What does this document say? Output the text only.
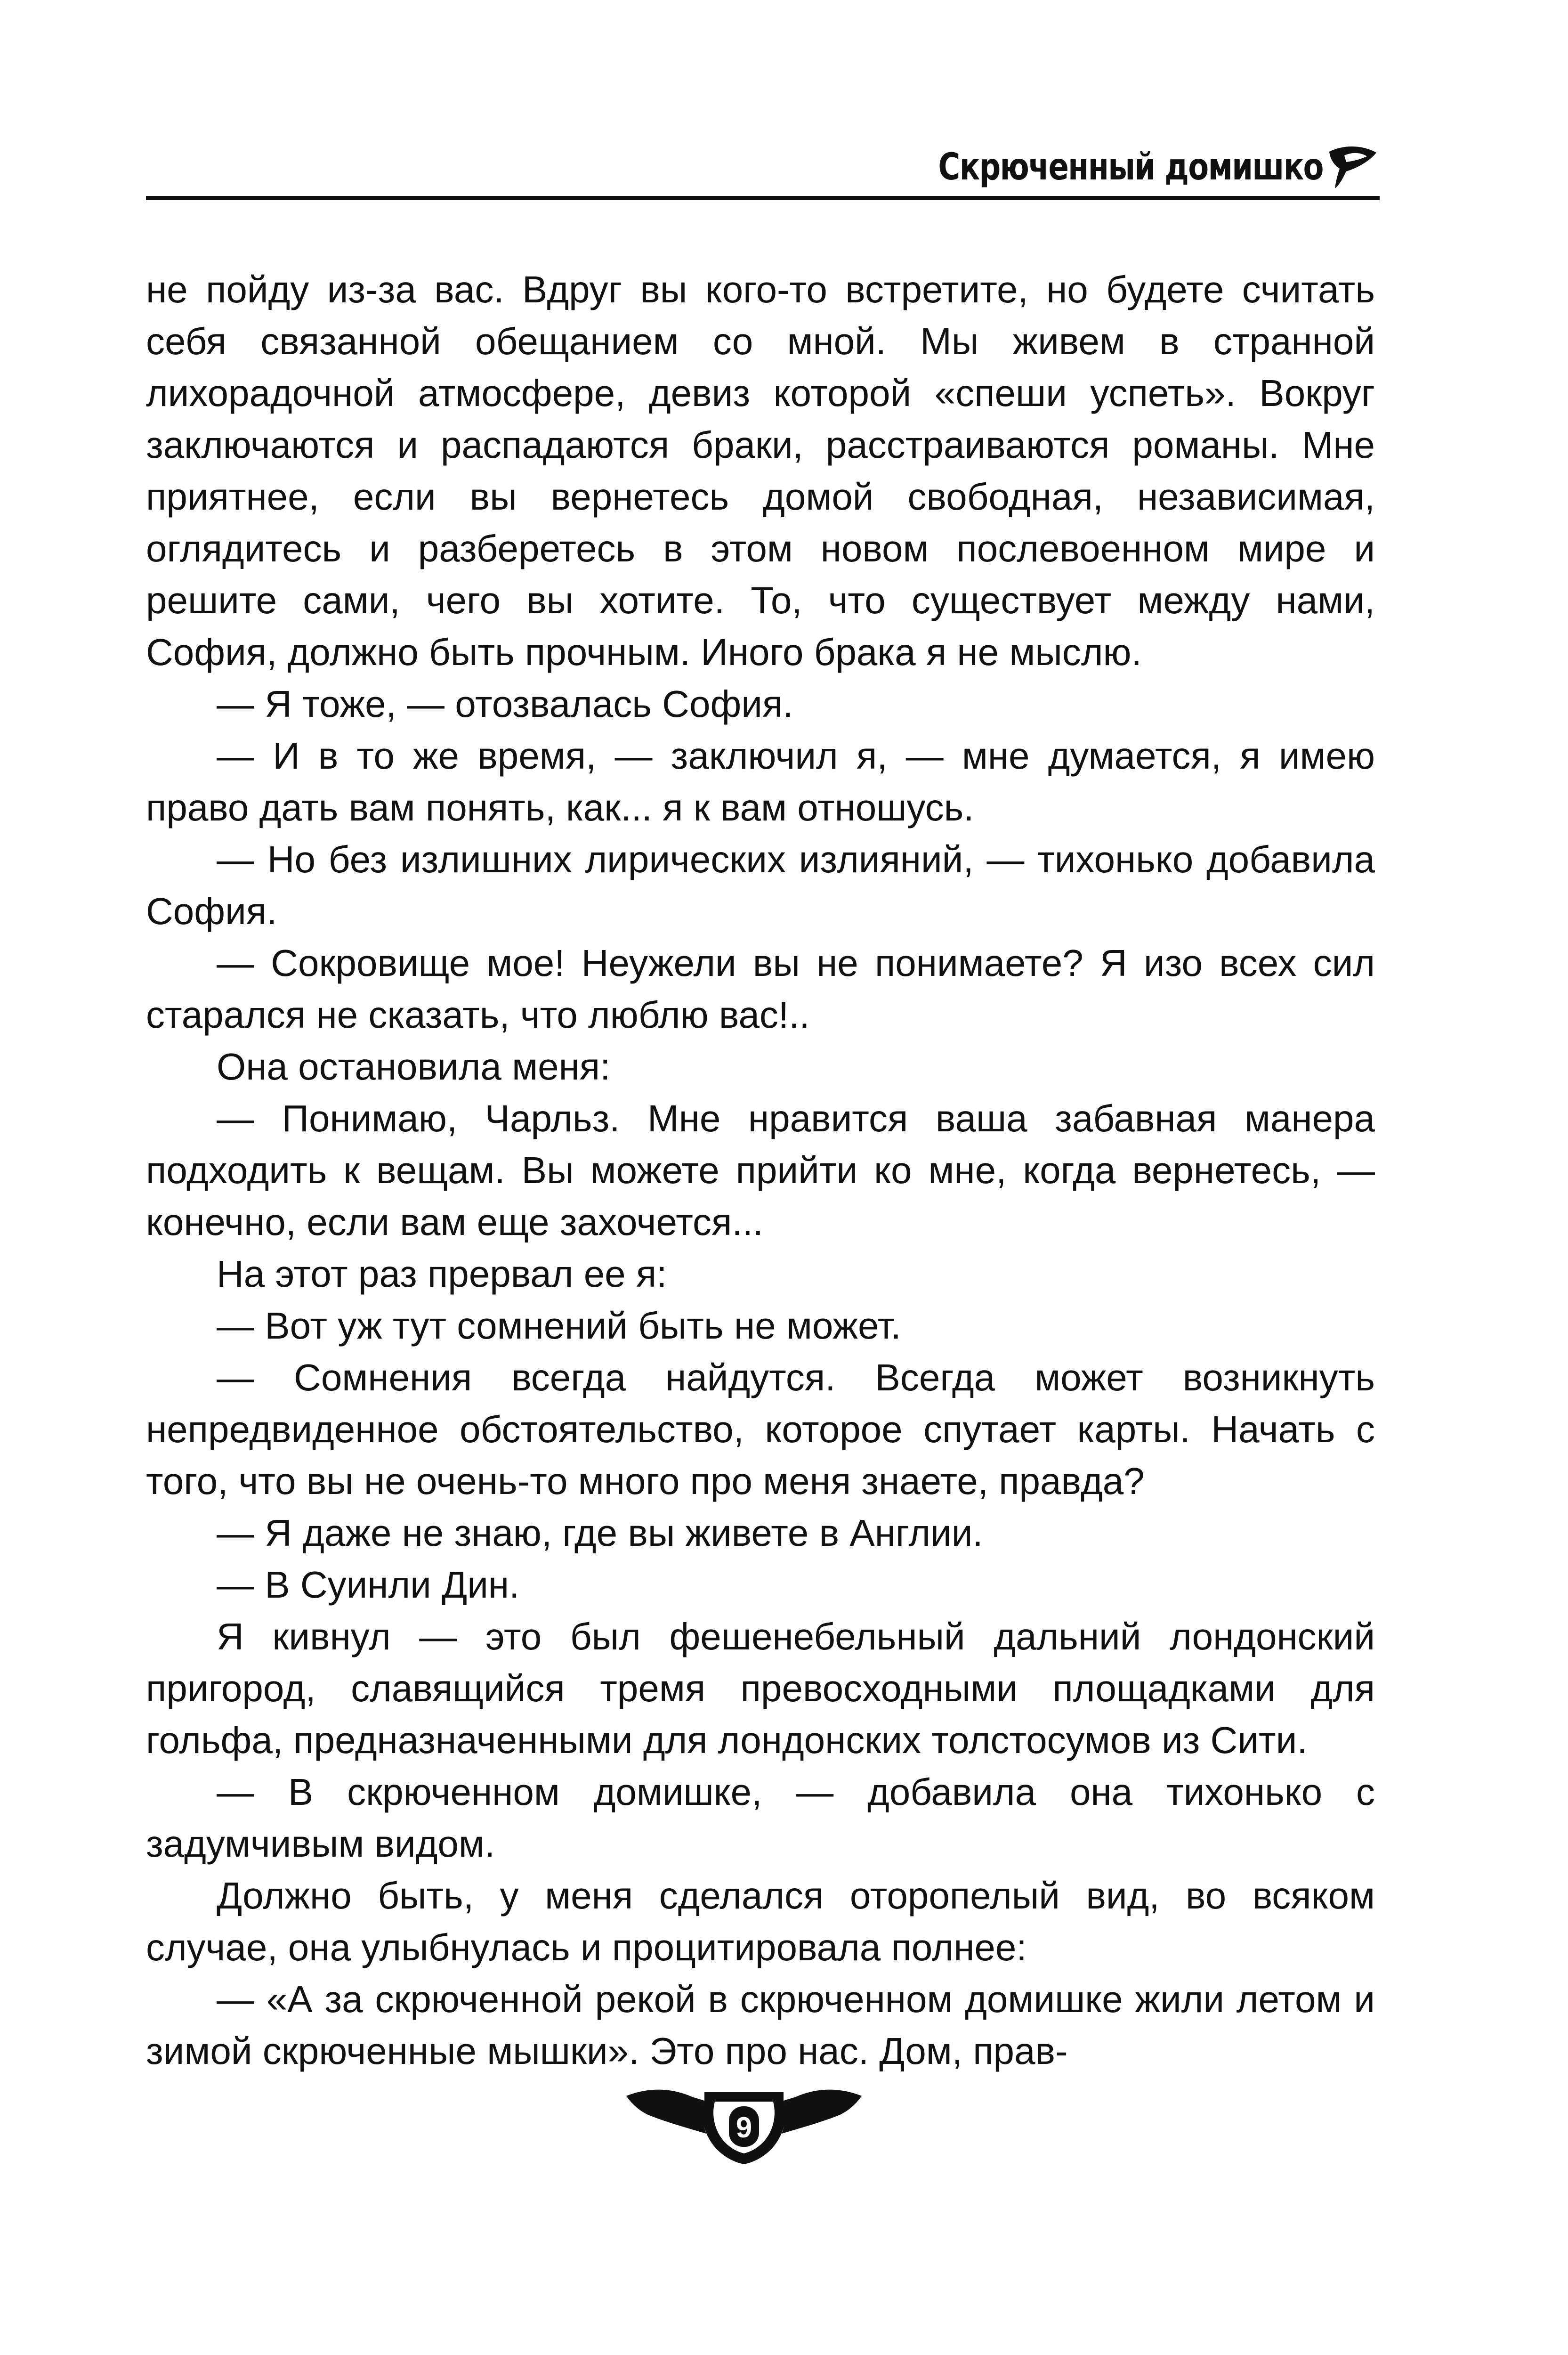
Скрюченный домишко

не пойду из-за вас. Вдруг вы кого-то встретите, но будете считать себя связанной обещанием со мной. Мы живем в странной лихорадочной атмосфере, девиз которой «спеши успеть». Вокруг заключаются и распадаются браки, расстраиваются романы. Мне приятнее, если вы вернетесь домой свободная, независимая, оглядитесь и разберетесь в этом новом послевоенном мире и решите сами, чего вы хотите. То, что существует между нами, София, должно быть прочным. Иного брака я не мыслю.

— Я тоже, — отозвалась София.

— И в то же время, — заключил я, — мне думается, я имею право дать вам понять, как... я к вам отношусь.

— Но без излишних лирических излияний, — тихонько добавила София.

— Сокровище мое! Неужели вы не понимаете? Я изо всех сил старался не сказать, что люблю вас!..

Она остановила меня:

— Понимаю, Чарльз. Мне нравится ваша забавная манера подходить к вещам. Вы можете прийти ко мне, когда вернетесь, — конечно, если вам еще захочется...

На этот раз прервал ее я:

— Вот уж тут сомнений быть не может.

— Сомнения всегда найдутся. Всегда может возникнуть непредвиденное обстоятельство, которое спутает карты. Начать с того, что вы не очень-то много про меня знаете, правда?

— Я даже не знаю, где вы живете в Англии.

— В Суинли Дин.

Я кивнул — это был фешенебельный дальний лондонский пригород, славящийся тремя превосходными площадками для гольфа, предназначенными для лондонских толстосумов из Сити.

— В скрюченном домишке, — добавила она тихонько с задумчивым видом.

Должно быть, у меня сделался оторопелый вид, во всяком случае, она улыбнулась и процитировала полнее:

— «А за скрюченной рекой в скрюченном домишке жили летом и зимой скрюченные мышки». Это про нас. Дом, прав-

9
